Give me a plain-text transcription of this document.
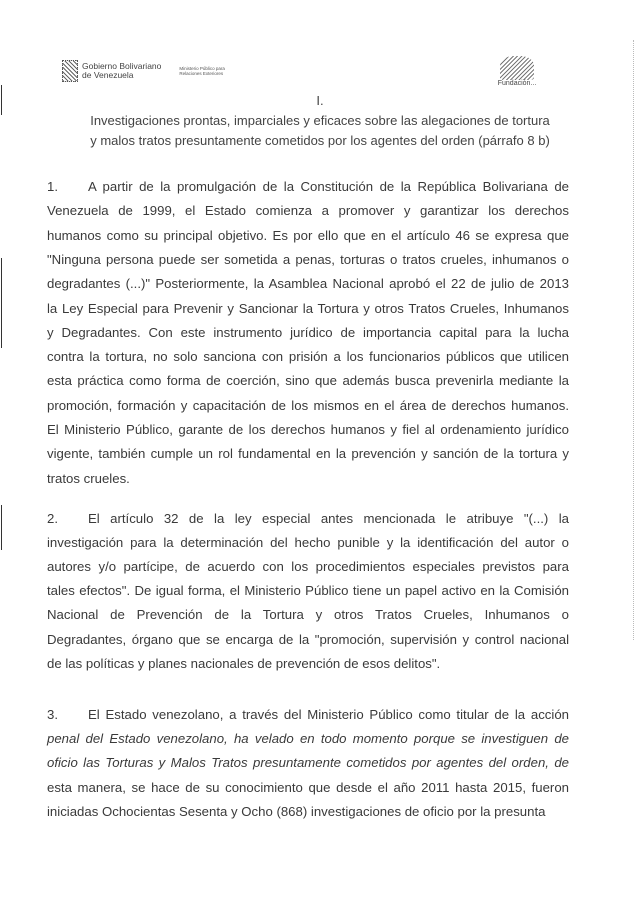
Gobierno Bolivariano
de Venezuela
Ministerio Público para Relaciones Exteriores
Fundación...
I.
Investigaciones prontas, imparciales y eficaces sobre las alegaciones de tortura
y malos tratos presuntamente cometidos por los agentes del orden (párrafo 8 b)
1. A partir de la promulgación de la Constitución de la República Bolivariana de
Venezuela de 1999, el Estado comienza a promover y garantizar los derechos
humanos como su principal objetivo. Es por ello que en el artículo 46 se expresa que
"Ninguna persona puede ser sometida a penas, torturas o tratos crueles, inhumanos o
degradantes (...)" Posteriormente, la Asamblea Nacional aprobó el 22 de julio de 2013
la Ley Especial para Prevenir y Sancionar la Tortura y otros Tratos Crueles, Inhumanos
y Degradantes. Con este instrumento jurídico de importancia capital para la lucha
contra la tortura, no solo sanciona con prisión a los funcionarios públicos que utilicen
esta práctica como forma de coerción, sino que además busca prevenirla mediante la
promoción, formación y capacitación de los mismos en el área de derechos humanos.
El Ministerio Público, garante de los derechos humanos y fiel al ordenamiento jurídico
vigente, también cumple un rol fundamental en la prevención y sanción de la tortura y
tratos crueles.
2. El artículo 32 de la ley especial antes mencionada le atribuye "(...) la
investigación para la determinación del hecho punible y la identificación del autor o
autores y/o partícipe, de acuerdo con los procedimientos especiales previstos para
tales efectos". De igual forma, el Ministerio Público tiene un papel activo en la Comisión
Nacional de Prevención de la Tortura y otros Tratos Crueles, Inhumanos o
Degradantes, órgano que se encarga de la "promoción, supervisión y control nacional
de las políticas y planes nacionales de prevención de esos delitos".
3. El Estado venezolano, a través del Ministerio Público como titular de la acción
penal del Estado venezolano, ha velado en todo momento porque se investiguen de
oficio las Torturas y Malos Tratos presuntamente cometidos por agentes del orden, de
esta manera, se hace de su conocimiento que desde el año 2011 hasta 2015, fueron
iniciadas Ochocientas Sesenta y Ocho (868) investigaciones de oficio por la presunta
